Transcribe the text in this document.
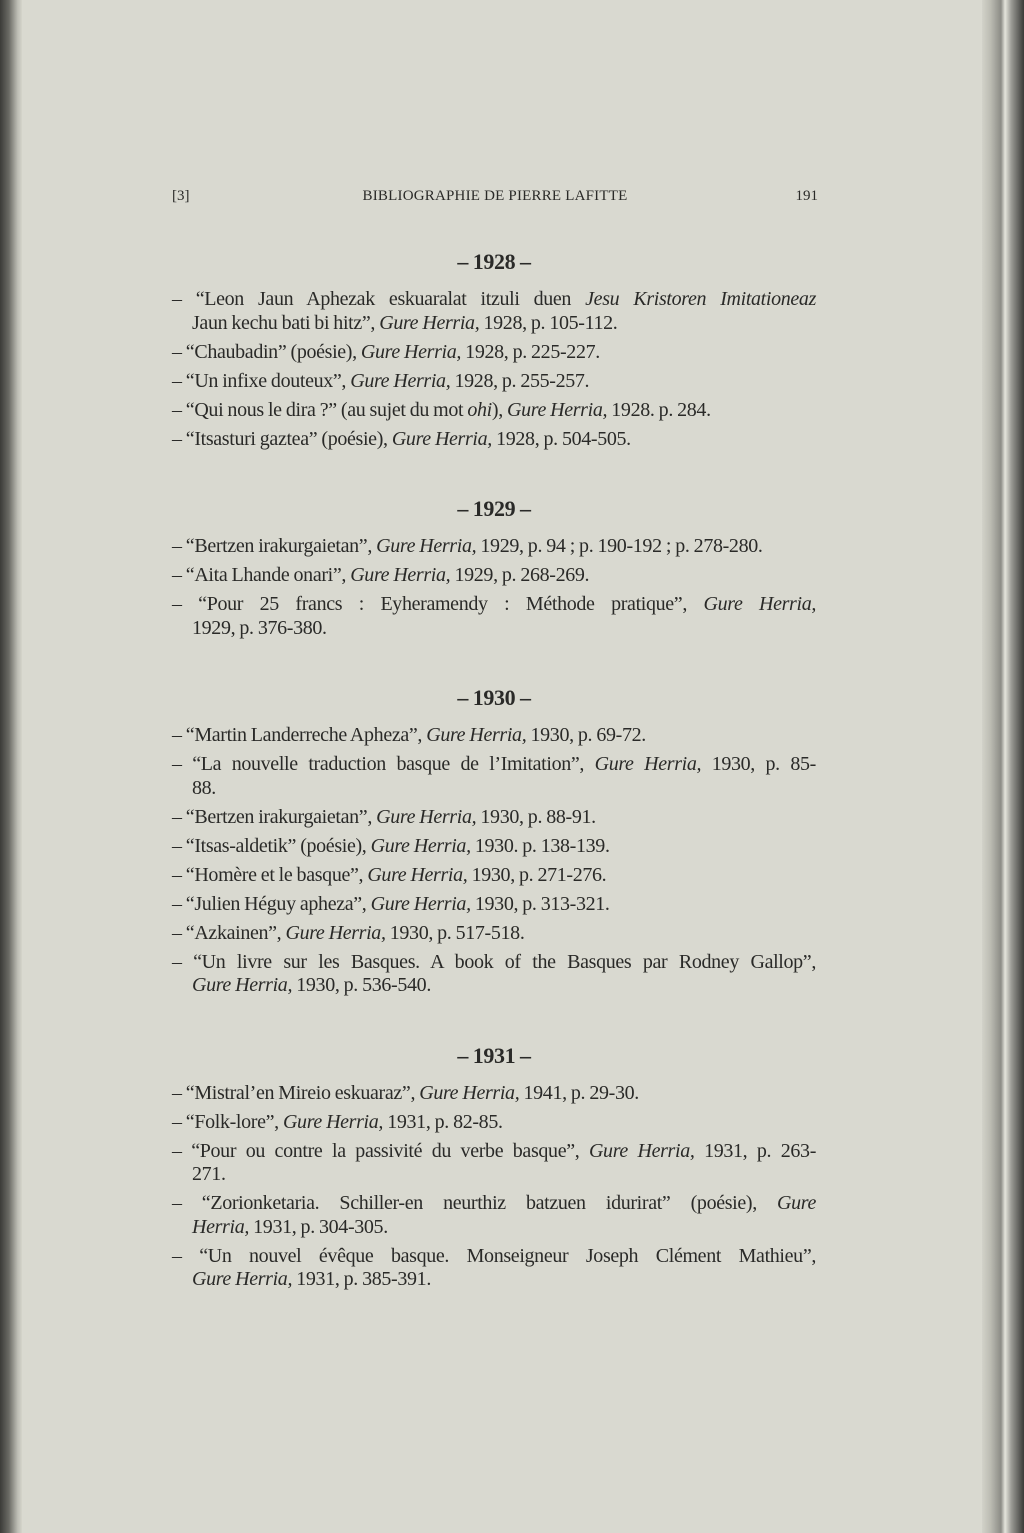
[3]	BIBLIOGRAPHIE DE PIERRE LAFITTE	191
– 1928 –
– “Leon Jaun Aphezak eskuaralat itzuli duen Jesu Kristoren Imitationeaz
Jaun kechu bati bi hitz”, Gure Herria, 1928, p. 105-112.
– “Chaubadin” (poésie), Gure Herria, 1928, p. 225-227.
– “Un infixe douteux”, Gure Herria, 1928, p. 255-257.
– “Qui nous le dira ?” (au sujet du mot ohi), Gure Herria, 1928. p. 284.
– “Itsasturi gaztea” (poésie), Gure Herria, 1928, p. 504-505.
– 1929 –
– “Bertzen irakurgaietan”, Gure Herria, 1929, p. 94 ; p. 190-192 ; p. 278-280.
– “Aita Lhande onari”, Gure Herria, 1929, p. 268-269.
– “Pour 25 francs : Eyheramendy : Méthode pratique”, Gure Herria,
1929, p. 376-380.
– 1930 –
– “Martin Landerreche Apheza”, Gure Herria, 1930, p. 69-72.
– “La nouvelle traduction basque de l’Imitation”, Gure Herria, 1930, p. 85-
88.
– “Bertzen irakurgaietan”, Gure Herria, 1930, p. 88-91.
– “Itsas-aldetik” (poésie), Gure Herria, 1930. p. 138-139.
– “Homère et le basque”, Gure Herria, 1930, p. 271-276.
– “Julien Héguy apheza”, Gure Herria, 1930, p. 313-321.
– “Azkainen”, Gure Herria, 1930, p. 517-518.
– “Un livre sur les Basques. A book of the Basques par Rodney Gallop”,
Gure Herria, 1930, p. 536-540.
– 1931 –
– “Mistral’en Mireio eskuaraz”, Gure Herria, 1941, p. 29-30.
– “Folk-lore”, Gure Herria, 1931, p. 82-85.
– “Pour ou contre la passivité du verbe basque”, Gure Herria, 1931, p. 263-
271.
– “Zorionketaria. Schiller-en neurthiz batzuen idurirat” (poésie), Gure
Herria, 1931, p. 304-305.
– “Un nouvel évêque basque. Monseigneur Joseph Clément Mathieu”,
Gure Herria, 1931, p. 385-391.
